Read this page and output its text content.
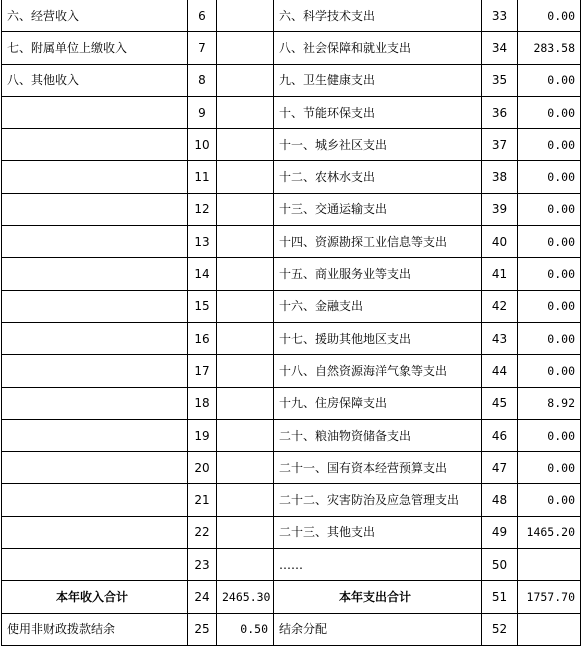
六、经营收入	6		六、科学技术支出	33	0.00
七、附属单位上缴收入	7		八、社会保障和就业支出	34	283.58
八、其他收入	8		九、卫生健康支出	35	0.00
	9		十、节能环保支出	36	0.00
	10		十一、城乡社区支出	37	0.00
	11		十二、农林水支出	38	0.00
	12		十三、交通运输支出	39	0.00
	13		十四、资源勘探工业信息等支出	40	0.00
	14		十五、商业服务业等支出	41	0.00
	15		十六、金融支出	42	0.00
	16		十七、援助其他地区支出	43	0.00
	17		十八、自然资源海洋气象等支出	44	0.00
	18		十九、住房保障支出	45	8.92
	19		二十、粮油物资储备支出	46	0.00
	20		二十一、国有资本经营预算支出	47	0.00
	21		二十二、灾害防治及应急管理支出	48	0.00
	22		二十三、其他支出	49	1465.20
	23		……	50	
本年收入合计	24	2465.30	本年支出合计	51	1757.70
使用非财政拨款结余	25	0.50	结余分配	52	
